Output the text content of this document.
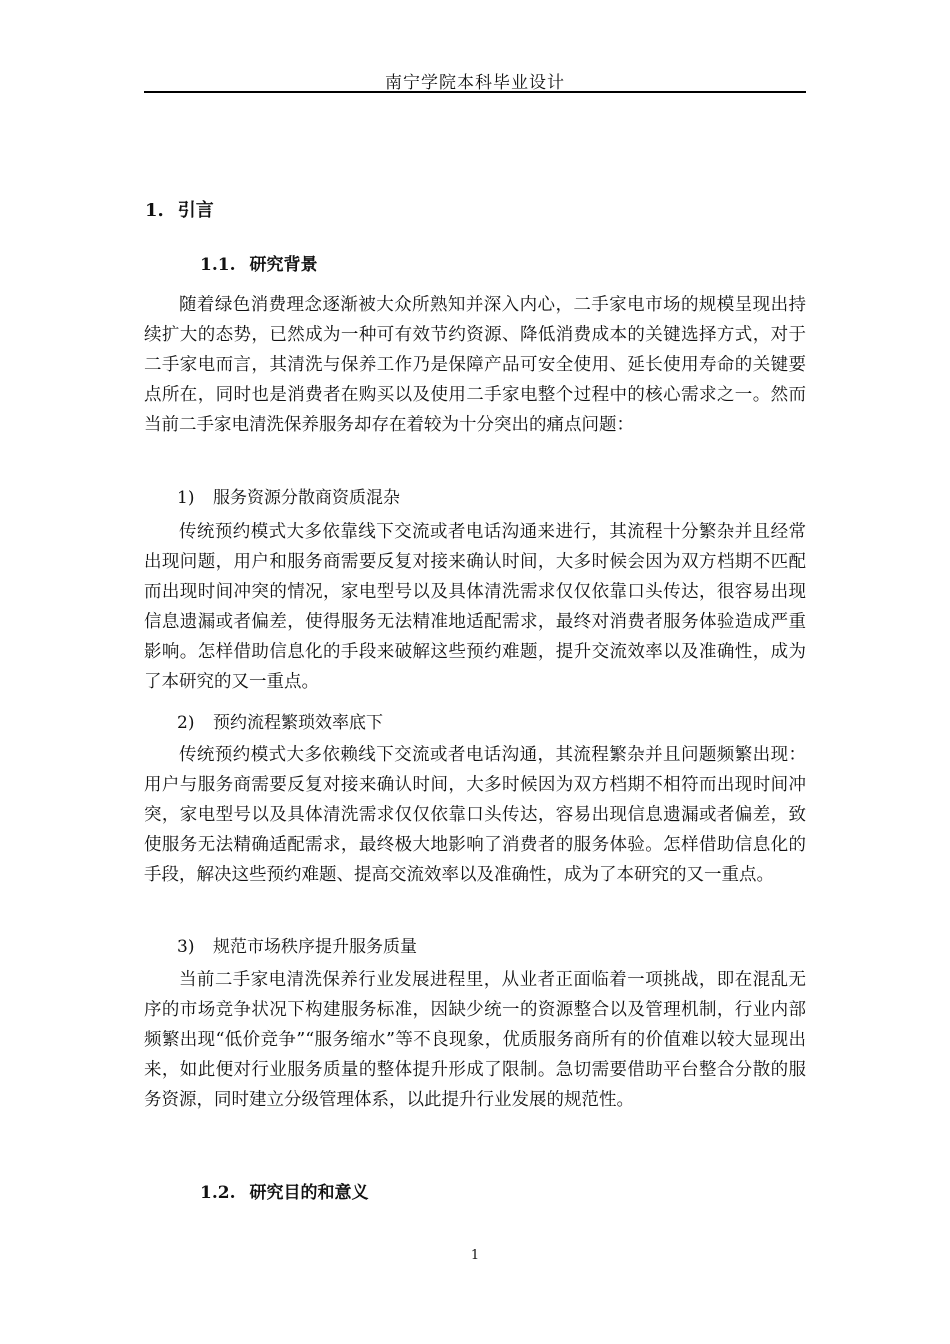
南宁学院本科毕业设计
1. 引言
1.1. 研究背景

随着绿色消费理念逐渐被大众所熟知并深入内心，二手家电市场的规模呈现出持续扩大的态势，已然成为一种可有效节约资源、降低消费成本的关键选择方式，对于二手家电而言，其清洗与保养工作乃是保障产品可安全使用、延长使用寿命的关键要点所在，同时也是消费者在购买以及使用二手家电整个过程中的核心需求之一。然而当前二手家电清洗保养服务却存在着较为十分突出的痛点问题：

1) 服务资源分散商资质混杂

传统预约模式大多依靠线下交流或者电话沟通来进行，其流程十分繁杂并且经常出现问题，用户和服务商需要反复对接来确认时间，大多时候会因为双方档期不匹配而出现时间冲突的情况，家电型号以及具体清洗需求仅仅依靠口头传达，很容易出现信息遗漏或者偏差，使得服务无法精准地适配需求，最终对消费者服务体验造成严重影响。怎样借助信息化的手段来破解这些预约难题，提升交流效率以及准确性，成为了本研究的又一重点。

2) 预约流程繁琐效率底下

传统预约模式大多依赖线下交流或者电话沟通，其流程繁杂并且问题频繁出现：用户与服务商需要反复对接来确认时间，大多时候因为双方档期不相符而出现时间冲突，家电型号以及具体清洗需求仅仅依靠口头传达，容易出现信息遗漏或者偏差，致使服务无法精确适配需求，最终极大地影响了消费者的服务体验。怎样借助信息化的手段，解决这些预约难题、提高交流效率以及准确性，成为了本研究的又一重点。

3) 规范市场秩序提升服务质量

当前二手家电清洗保养行业发展进程里，从业者正面临着一项挑战，即在混乱无序的市场竞争状况下构建服务标准，因缺少统一的资源整合以及管理机制，行业内部频繁出现“低价竞争”“服务缩水”等不良现象，优质服务商所有的价值难以较大显现出来，如此便对行业服务质量的整体提升形成了限制。急切需要借助平台整合分散的服务资源，同时建立分级管理体系，以此提升行业发展的规范性。

1.2. 研究目的和意义
1
